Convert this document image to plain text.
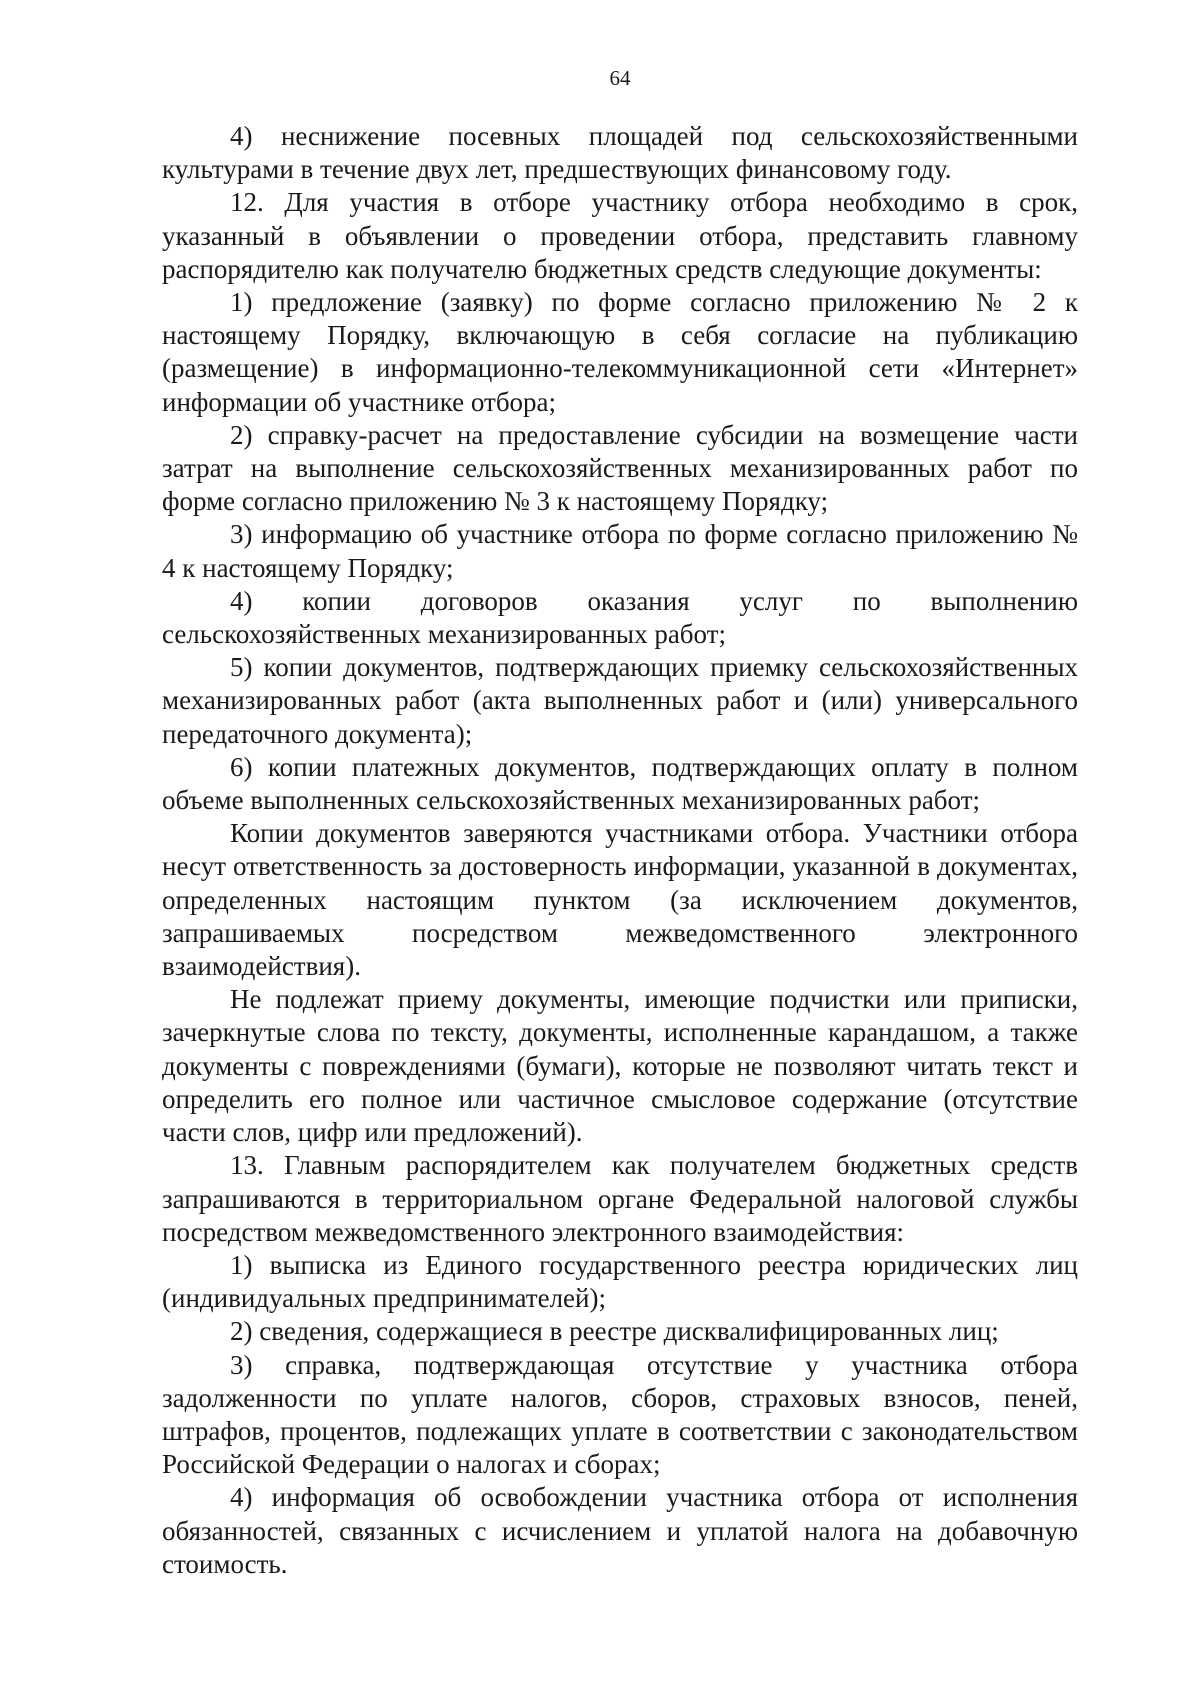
64

4) неснижение посевных площадей под сельскохозяйственными культурами в течение двух лет, предшествующих финансовому году.

12. Для участия в отборе участнику отбора необходимо в срок, указанный в объявлении о проведении отбора, представить главному распорядителю как получателю бюджетных средств следующие документы:

1) предложение (заявку) по форме согласно приложению № 2 к настоящему Порядку, включающую в себя согласие на публикацию (размещение) в информационно-телекоммуникационной сети «Интернет» информации об участнике отбора;

2) справку-расчет на предоставление субсидии на возмещение части затрат на выполнение сельскохозяйственных механизированных работ по форме согласно приложению № 3 к настоящему Порядку;

3) информацию об участнике отбора по форме согласно приложению № 4 к настоящему Порядку;

4) копии договоров оказания услуг по выполнению сельскохозяйственных механизированных работ;

5) копии документов, подтверждающих приемку сельскохозяйственных механизированных работ (акта выполненных работ и (или) универсального передаточного документа);

6) копии платежных документов, подтверждающих оплату в полном объеме выполненных сельскохозяйственных механизированных работ;

Копии документов заверяются участниками отбора. Участники отбора несут ответственность за достоверность информации, указанной в документах, определенных настоящим пунктом (за исключением документов, запрашиваемых посредством межведомственного электронного взаимодействия).

Не подлежат приему документы, имеющие подчистки или приписки, зачеркнутые слова по тексту, документы, исполненные карандашом, а также документы с повреждениями (бумаги), которые не позволяют читать текст и определить его полное или частичное смысловое содержание (отсутствие части слов, цифр или предложений).

13. Главным распорядителем как получателем бюджетных средств запрашиваются в территориальном органе Федеральной налоговой службы посредством межведомственного электронного взаимодействия:

1) выписка из Единого государственного реестра юридических лиц (индивидуальных предпринимателей);

2) сведения, содержащиеся в реестре дисквалифицированных лиц;

3) справка, подтверждающая отсутствие у участника отбора задолженности по уплате налогов, сборов, страховых взносов, пеней, штрафов, процентов, подлежащих уплате в соответствии с законодательством Российской Федерации о налогах и сборах;

4) информация об освобождении участника отбора от исполнения обязанностей, связанных с исчислением и уплатой налога на добавочную стоимость.
